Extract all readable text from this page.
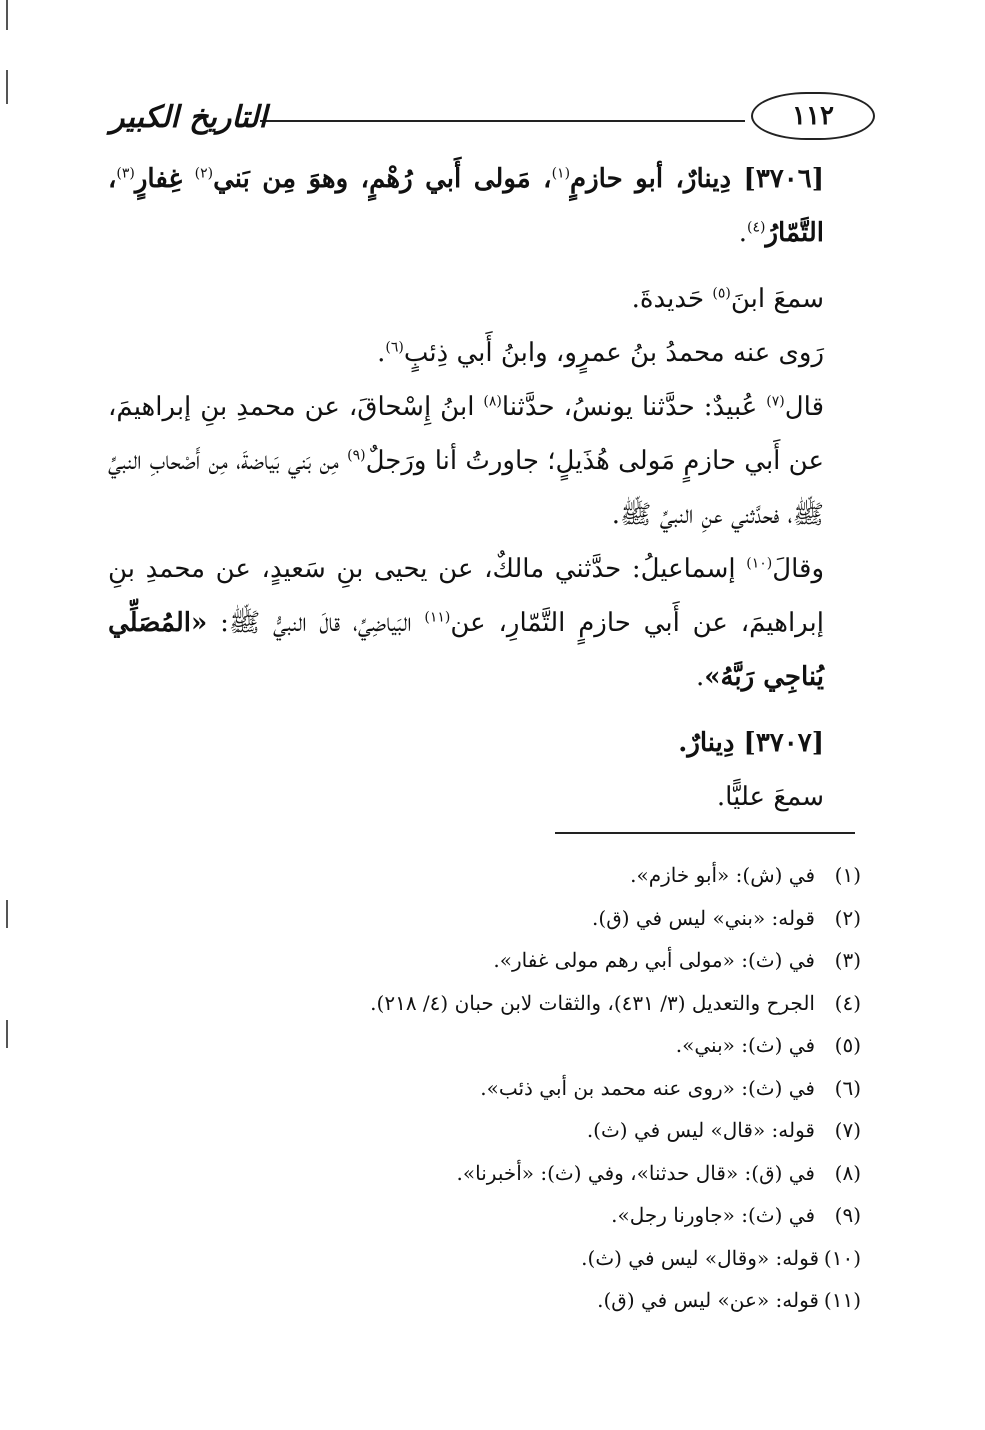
١١٢
التاريخ الكبير

[٣٧٠٦] دِينارٌ، أبو حازمٍ$^{(١)}$، مَولى أَبي رُهْمٍ، وهوَ مِن بَني$^{(٢)}$ غِفارٍ$^{(٣)}$، التَّمّارُ$^{(٤)}$.

سمعَ ابنَ$^{(٥)}$ حَديدةَ.

رَوى عنه محمدُ بنُ عمرٍو، وابنُ أَبي ذِئبٍ$^{(٦)}$.

قال$^{(٧)}$ عُبيدٌ: حدَّثنا يونسُ، حدَّثنا$^{(٨)}$ ابنُ إِسْحاقَ، عن محمدِ بنِ إبراهيمَ، عن أَبي حازمٍ مَولى هُذَيلٍ؛ جاورتُ أنا ورَجلٌ$^{(٩)}$ مِن بَني بَياضةَ، مِن أَصْحابِ النبيِّ ﷺ، فحدَّثني عنِ النبيِّ ﷺ.

وقالَ$^{(١٠)}$ إسماعيلُ: حدَّثني مالكٌ، عن يحيى بنِ سَعيدٍ، عن محمدِ بنِ إبراهيمَ، عن أَبي حازمٍ التَّمّارِ، عن$^{(١١)}$ البَياضِيِّ، قالَ النبيُّ ﷺ: «المُصَلِّي يُناجِي رَبَّهُ».

[٣٧٠٧] دِينارٌ.

سمعَ عليًّا.

(١)
في (ش): «أبو خازم».
(٢)
قوله: «بني» ليس في (ق).
(٣)
في (ث): «مولى أبي رهم مولى غفار».
(٤)
الجرح والتعديل (٣/ ٤٣١)، والثقات لابن حبان (٤/ ٢١٨).
(٥)
في (ث): «بني».
(٦)
في (ث): «روى عنه محمد بن أبي ذئب».
(٧)
قوله: «قال» ليس في (ث).
(٨)
في (ق): «قال حدثنا»، وفي (ث): «أخبرنا».
(٩)
في (ث): «جاورنا رجل».
(١٠)
قوله: «وقال» ليس في (ث).
(١١)
قوله: «عن» ليس في (ق).
